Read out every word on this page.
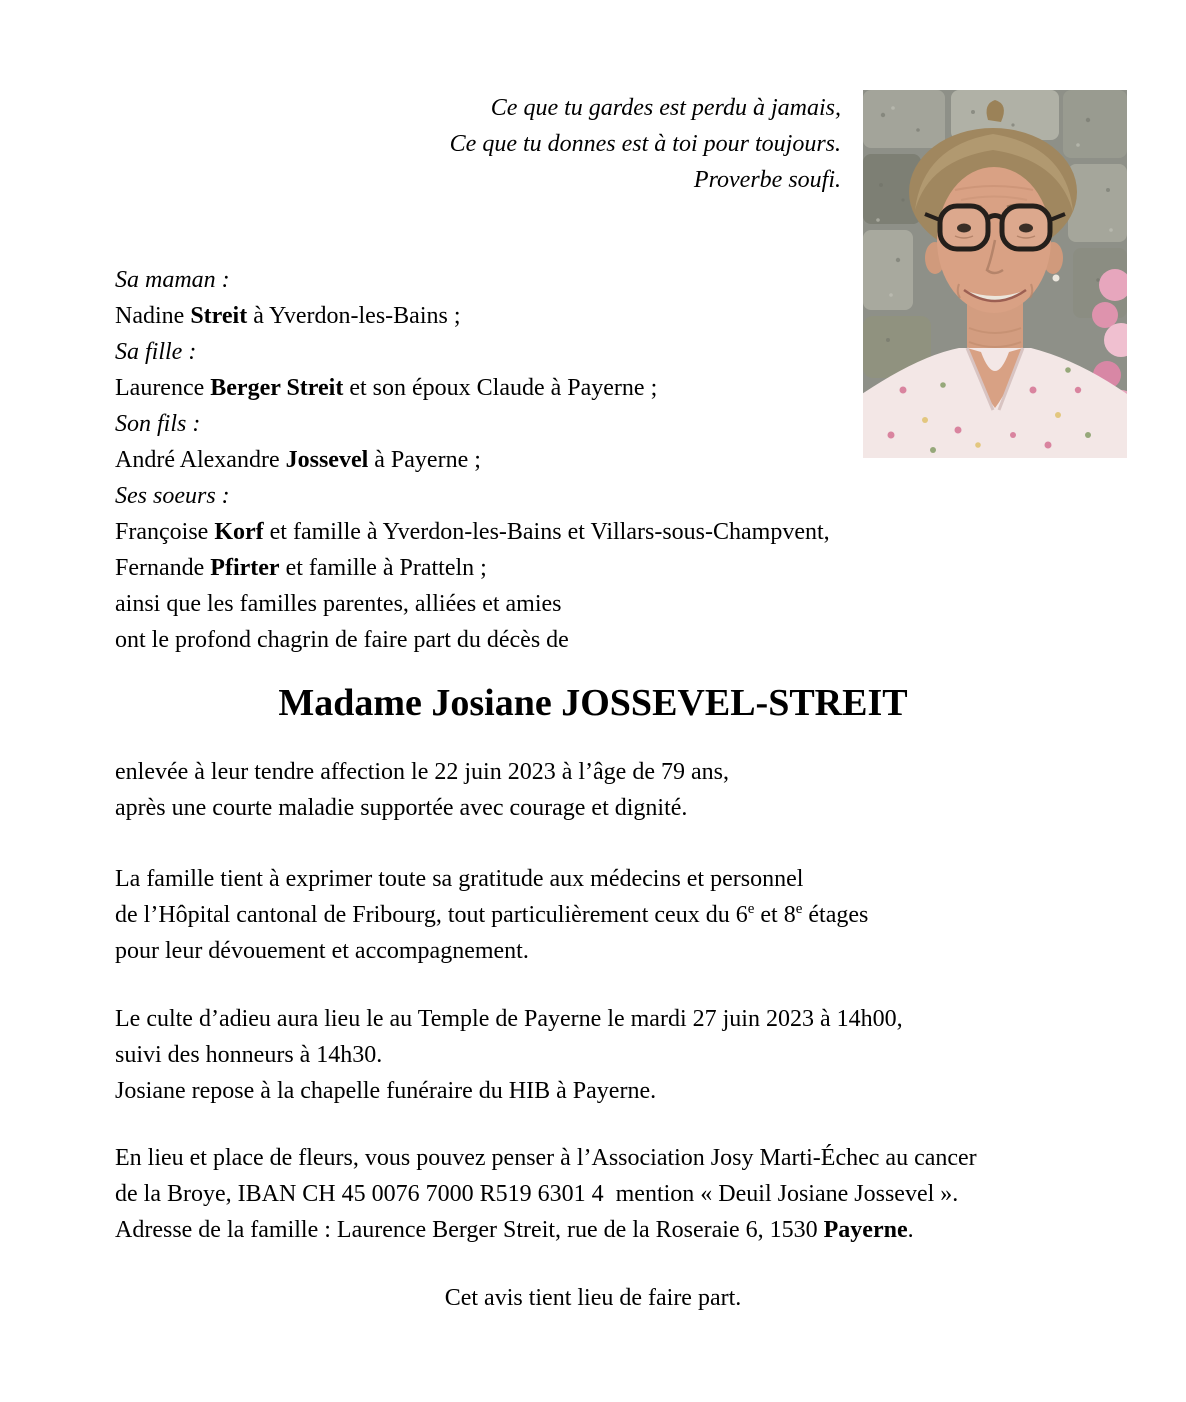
Ce que tu gardes est perdu à jamais,
Ce que tu donnes est à toi pour toujours.
Proverbe soufi.
Sa maman :
Nadine Streit à Yverdon-les-Bains ;
Sa fille :
Laurence Berger Streit et son époux Claude à Payerne ;
Son fils :
André Alexandre Jossevel à Payerne ;
Ses soeurs :
Françoise Korf et famille à Yverdon-les-Bains et Villars-sous-Champvent,
Fernande Pfirter et famille à Pratteln ;
ainsi que les familles parentes, alliées et amies
ont le profond chagrin de faire part du décès de
Madame Josiane JOSSEVEL-STREIT
enlevée à leur tendre affection le 22 juin 2023 à l’âge de 79 ans,
après une courte maladie supportée avec courage et dignité.
La famille tient à exprimer toute sa gratitude aux médecins et personnel
de l’Hôpital cantonal de Fribourg, tout particulièrement ceux du 6e et 8e étages
pour leur dévouement et accompagnement.
Le culte d’adieu aura lieu le au Temple de Payerne le mardi 27 juin 2023 à 14h00,
suivi des honneurs à 14h30.
Josiane repose à la chapelle funéraire du HIB à Payerne.
En lieu et place de fleurs, vous pouvez penser à l’Association Josy Marti-Échec au cancer
de la Broye, IBAN CH 45 0076 7000 R519 6301 4  mention « Deuil Josiane Jossevel ».
Adresse de la famille : Laurence Berger Streit, rue de la Roseraie 6, 1530 Payerne.
Cet avis tient lieu de faire part.
